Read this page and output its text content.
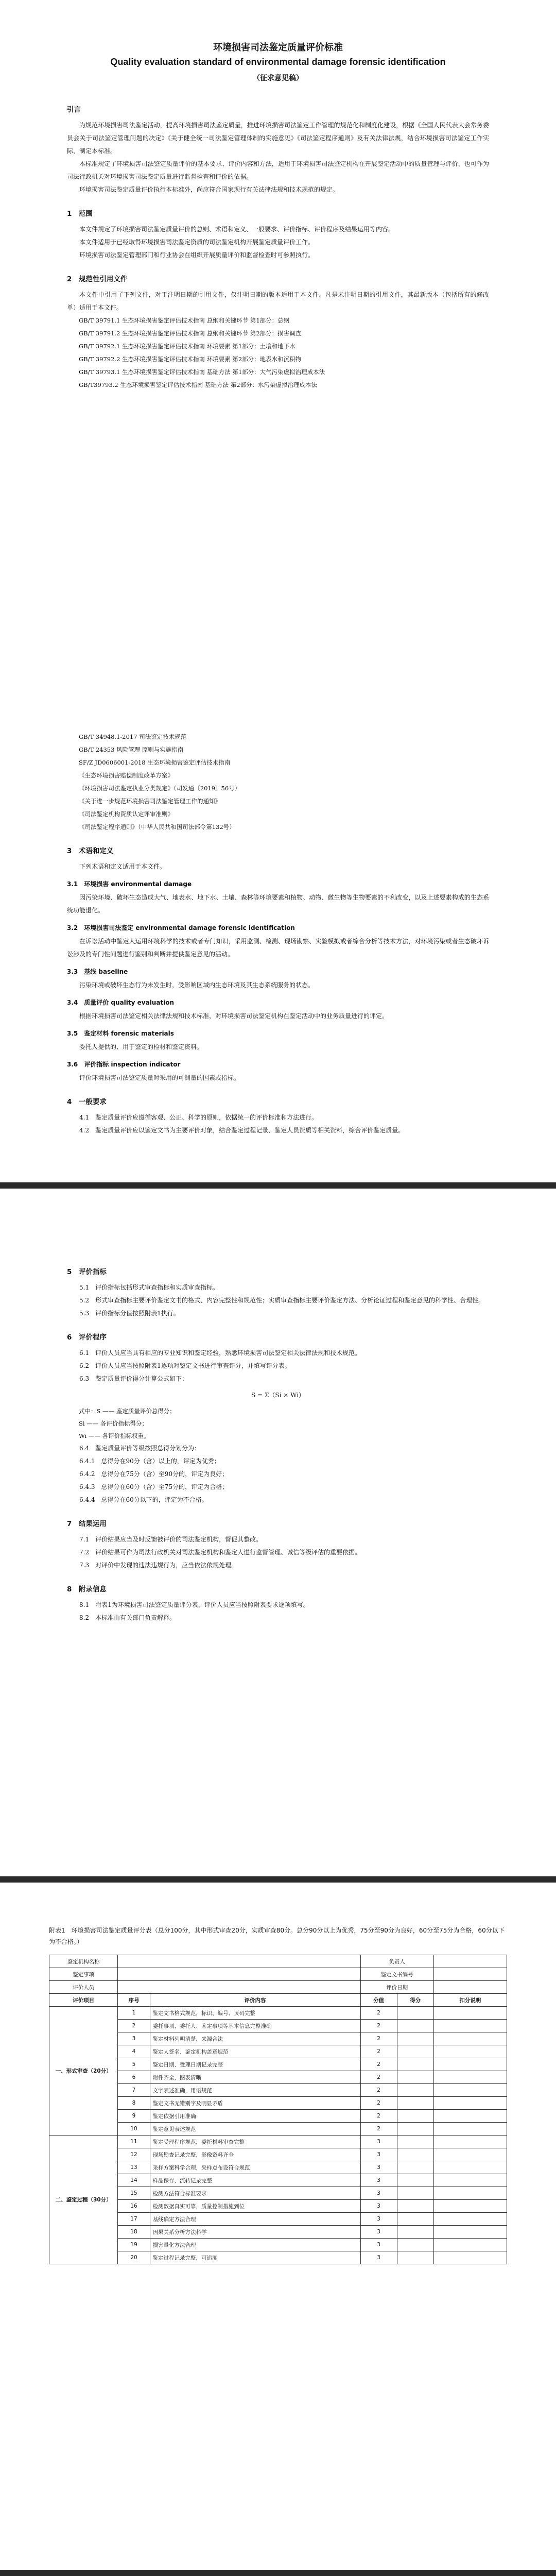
环境损害司法鉴定质量评价标准
Quality evaluation standard of environmental damage forensic identification
（征求意见稿）
引言

为规范环境损害司法鉴定活动，提高环境损害司法鉴定质量，推进环境损害司法鉴定工作管理的规范化和制度化建设，根据《全国人民代表大会常务委员会关于司法鉴定管理问题的决定》《关于健全统一司法鉴定管理体制的实施意见》《司法鉴定程序通则》及有关法律法规，结合环境损害司法鉴定工作实际，制定本标准。

本标准规定了环境损害司法鉴定质量评价的基本要求、评价内容和方法，适用于环境损害司法鉴定机构在开展鉴定活动中的质量管理与评价，也可作为司法行政机关对环境损害司法鉴定质量进行监督检查和评价的依据。

环境损害司法鉴定质量评价执行本标准外，尚应符合国家现行有关法律法规和技术规范的规定。

1　范围

本文件规定了环境损害司法鉴定质量评价的总则、术语和定义、一般要求、评价指标、评价程序及结果运用等内容。

本文件适用于已经取得环境损害司法鉴定资质的司法鉴定机构开展鉴定质量评价工作。

环境损害司法鉴定管理部门和行业协会在组织开展质量评价和监督检查时可参照执行。

2　规范性引用文件

本文件中引用了下列文件，对于注明日期的引用文件，仅注明日期的版本适用于本文件。凡是未注明日期的引用文件，其最新版本（包括所有的修改单）适用于本文件。

GB/T 39791.1 生态环境损害鉴定评估技术指南 总纲和关键环节 第1部分：总纲

GB/T 39791.2 生态环境损害鉴定评估技术指南 总纲和关键环节 第2部分：损害调查

GB/T 39792.1 生态环境损害鉴定评估技术指南 环境要素 第1部分：土壤和地下水

GB/T 39792.2 生态环境损害鉴定评估技术指南 环境要素 第2部分：地表水和沉积物

GB/T 39793.1 生态环境损害鉴定评估技术指南 基础方法 第1部分：大气污染虚拟治理成本法

GB/T39793.2 生态环境损害鉴定评估技术指南 基础方法 第2部分：水污染虚拟治理成本法

GB/T 34948.1-2017 司法鉴定技术规范

GB/T 24353 风险管理 原则与实施指南

SF/Z JD0606001-2018 生态环境损害鉴定评估技术指南

《生态环境损害赔偿制度改革方案》

《环境损害司法鉴定执业分类规定》（司发通〔2019〕56号）

《关于进一步规范环境损害司法鉴定管理工作的通知》

《司法鉴定机构资质认定评审准则》

《司法鉴定程序通则》（中华人民共和国司法部令第132号）

3　术语和定义

下列术语和定义适用于本文件。

3.1　环境损害 environmental damage

因污染环境、破坏生态造成大气、地表水、地下水、土壤、森林等环境要素和植物、动物、微生物等生物要素的不利改变，以及上述要素构成的生态系统功能退化。

3.2　环境损害司法鉴定 environmental damage forensic identification

在诉讼活动中鉴定人运用环境科学的技术或者专门知识，采用监测、检测、现场勘察、实验模拟或者综合分析等技术方法，对环境污染或者生态破坏诉讼涉及的专门性问题进行鉴别和判断并提供鉴定意见的活动。

3.3　基线 baseline

污染环境或破坏生态行为未发生时，受影响区域内生态环境及其生态系统服务的状态。

3.4　质量评价 quality evaluation

根据环境损害司法鉴定相关法律法规和技术标准，对环境损害司法鉴定机构在鉴定活动中的业务质量进行的评定。

3.5　鉴定材料 forensic materials

委托人提供的、用于鉴定的检材和鉴定资料。

3.6　评价指标 inspection indicator

评价环境损害司法鉴定质量时采用的可测量的因素或指标。

4　一般要求

4.1　鉴定质量评价应遵循客观、公正、科学的原则，依据统一的评价标准和方法进行。

4.2　鉴定质量评价应以鉴定文书为主要评价对象，结合鉴定过程记录、鉴定人员资质等相关资料，综合评价鉴定质量。

5　评价指标

5.1　评价指标包括形式审查指标和实质审查指标。

5.2　形式审查指标主要评价鉴定文书的格式、内容完整性和规范性；实质审查指标主要评价鉴定方法、分析论证过程和鉴定意见的科学性、合理性。

5.3　评价指标分值按照附表1执行。

6　评价程序

6.1　评价人员应当具有相应的专业知识和鉴定经验，熟悉环境损害司法鉴定相关法律法规和技术规范。

6.2　评价人员应当按照附表1逐项对鉴定文书进行审查评分，并填写评分表。

6.3　鉴定质量评价得分计算公式如下：

S = Σ（Si × Wi）

式中：S —— 鉴定质量评价总得分；

Si —— 各评价指标得分；

Wi —— 各评价指标权重。

6.4　鉴定质量评价等级按照总得分划分为：

6.4.1　总得分在90分（含）以上的，评定为优秀；

6.4.2　总得分在75分（含）至90分的，评定为良好；

6.4.3　总得分在60分（含）至75分的，评定为合格；

6.4.4　总得分在60分以下的，评定为不合格。

7　结果运用

7.1　评价结果应当及时反馈被评价的司法鉴定机构，督促其整改。

7.2　评价结果可作为司法行政机关对司法鉴定机构和鉴定人进行监督管理、诚信等级评估的重要依据。

7.3　对评价中发现的违法违规行为，应当依法依规处理。

8　附录信息

8.1　附表1为环境损害司法鉴定质量评分表，评价人员应当按照附表要求逐项填写。

8.2　本标准由有关部门负责解释。

附表1　环境损害司法鉴定质量评分表（总分100分，其中形式审查20分，实质审查80分。总分90分以上为优秀，75分至90分为良好，60分至75分为合格，60分以下为不合格。）
鉴定机构名称			负责人		
鉴定事项			鉴定文书编号		
评价人员			评价日期		
评价项目	序号	评价内容	分值	得分	扣分说明
一、形式审查（20分）	1	鉴定文书格式规范，标识、编号、页码完整	2		
	2	委托事项、委托人、鉴定事项等基本信息完整准确	2		
	3	鉴定材料列明清楚，来源合法	2		
	4	鉴定人签名、鉴定机构盖章规范	2		
	5	鉴定日期、受理日期记录完整	2		
	6	附件齐全，图表清晰	2		
	7	文字表述准确，用语规范	2		
	8	鉴定文书无错别字及明显矛盾	2		
	9	鉴定依据引用准确	2		
	10	鉴定意见表述规范	2		
二、鉴定过程（30分）	11	鉴定受理程序规范，委托材料审查完整	3		
	12	现场勘查记录完整，影像资料齐全	3		
	13	采样方案科学合理，采样点布设符合规范	3		
	14	样品保存、流转记录完整	3		
	15	检测方法符合标准要求	3		
	16	检测数据真实可靠，质量控制措施到位	3		
	17	基线确定方法合理	3		
	18	因果关系分析方法科学	3		
	19	损害量化方法合理	3		
	20	鉴定过程记录完整，可追溯	3		
